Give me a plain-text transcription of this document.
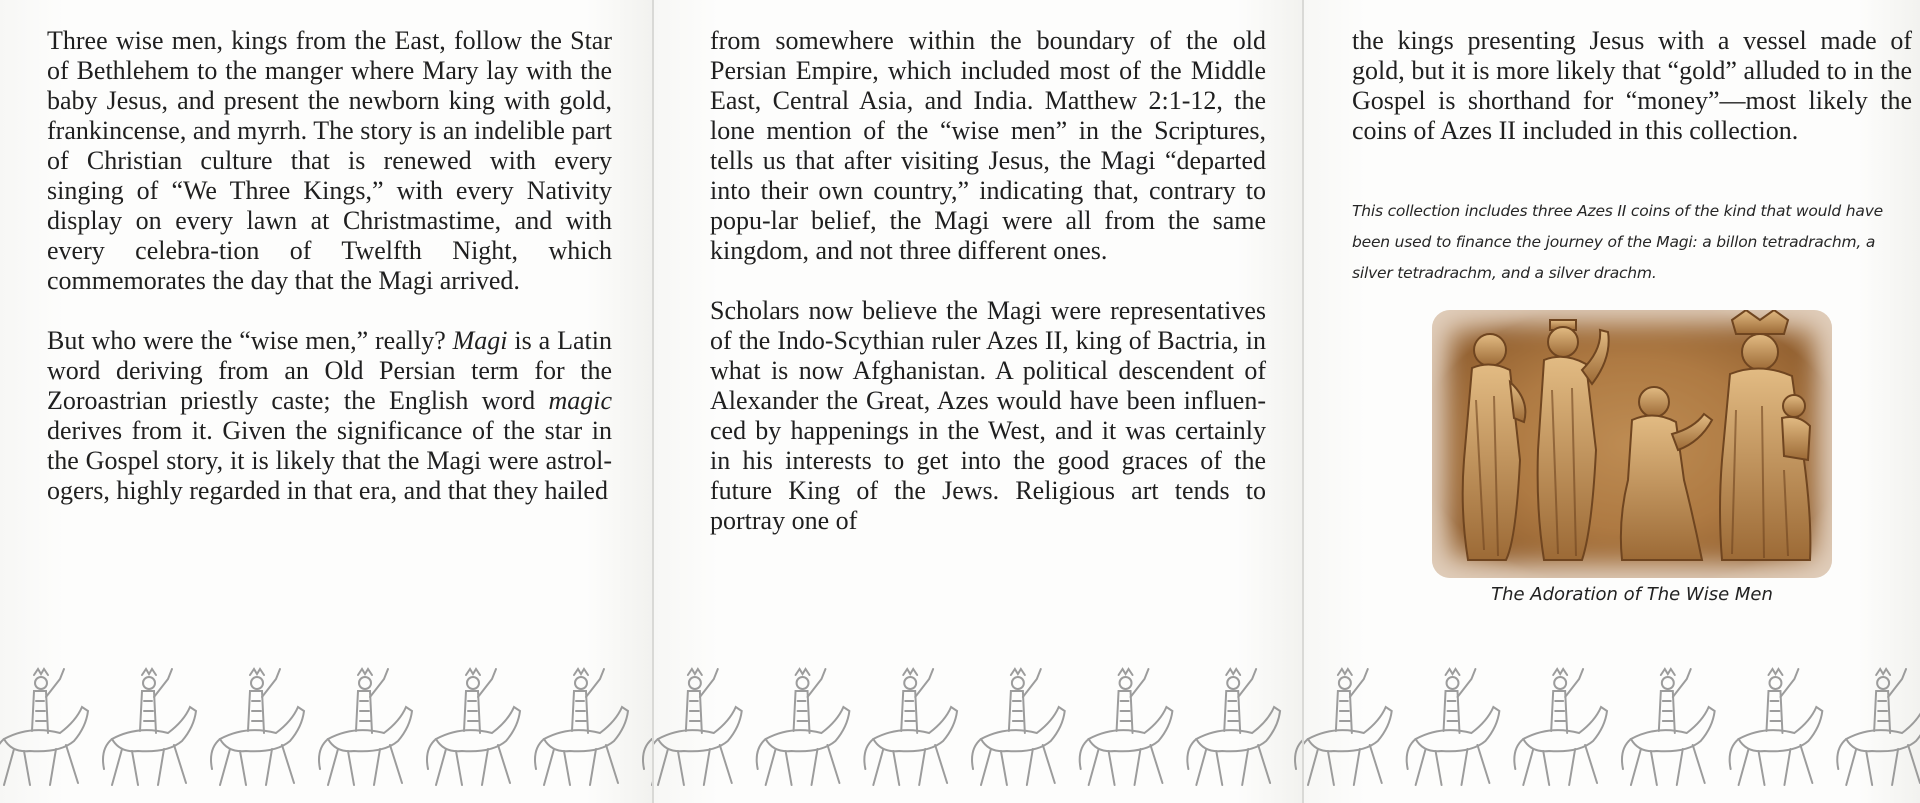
Three wise men, kings from the East, follow the Star of Bethlehem to the manger where Mary lay with the baby Jesus, and present the newborn king with gold, frankincense, and myrrh. The story is an indelible part of Christian culture that is renewed with every singing of “We Three Kings,” with every Nativity display on every lawn at Christmastime, and with every celebra-tion of Twelfth Night, which commemorates the day that the Magi arrived.

But who were the “wise men,” really? Magi is a Latin word deriving from an Old Persian term for the Zoroastrian priestly caste; the English word magic derives from it. Given the significance of the star in the Gospel story, it is likely that the Magi were astrol-ogers, highly regarded in that era, and that they hailed

from somewhere within the boundary of the old Persian Empire, which included most of the Middle East, Central Asia, and India. Matthew 2:1-12, the lone mention of the “wise men” in the Scriptures, tells us that after visiting Jesus, the Magi “departed into their own country,” indicating that, contrary to popu-lar belief, the Magi were all from the same kingdom, and not three different ones.

Scholars now believe the Magi were representatives of the Indo-Scythian ruler Azes II, king of Bactria, in what is now Afghanistan. A political descendent of Alexander the Great, Azes would have been influen-ced by happenings in the West, and it was certainly in his interests to get into the good graces of the future King of the Jews. Religious art tends to portray one of

the kings presenting Jesus with a vessel made of gold, but it is more likely that “gold” alluded to in the Gospel is shorthand for “money”—most likely the coins of Azes II included in this collection.

This collection includes three Azes II coins of the kind that would have been used to finance the journey of the Magi: a billon tetradrachm, a silver tetradrachm, and a silver drachm.
The Adoration of The Wise Men
